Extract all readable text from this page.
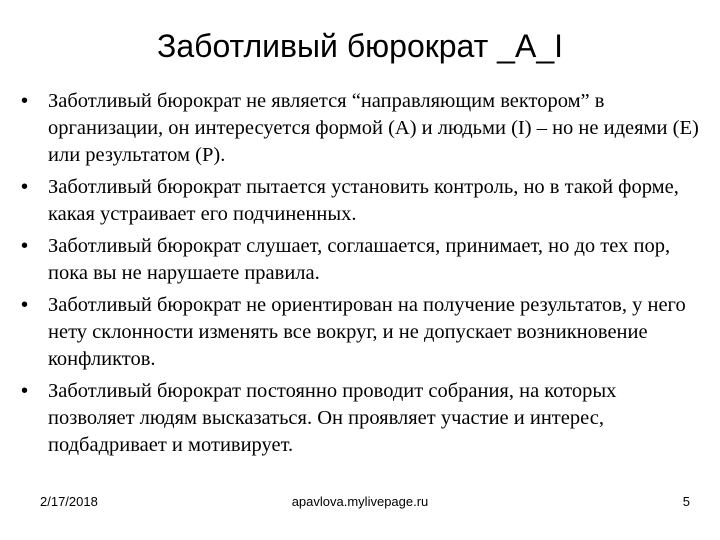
Заботливый бюрократ _А_I
• Заботливый бюрократ не является “направляющим вектором” в организации, он интересуется формой (А) и людьми (I) – но не идеями (Е) или результатом (Р).
• Заботливый бюрократ пытается установить контроль, но в такой форме, какая устраивает его подчиненных.
• Заботливый бюрократ слушает, соглашается, принимает, но до тех пор, пока вы не нарушаете правила.
• Заботливый бюрократ не ориентирован на получение результатов, у него нету склонности изменять все вокруг, и не допускает возникновение конфликтов.
• Заботливый бюрократ постоянно проводит собрания, на которых позволяет людям высказаться. Он проявляет участие и интерес, подбадривает и мотивирует.
2/17/2018	apavlova.mylivepage.ru	5
